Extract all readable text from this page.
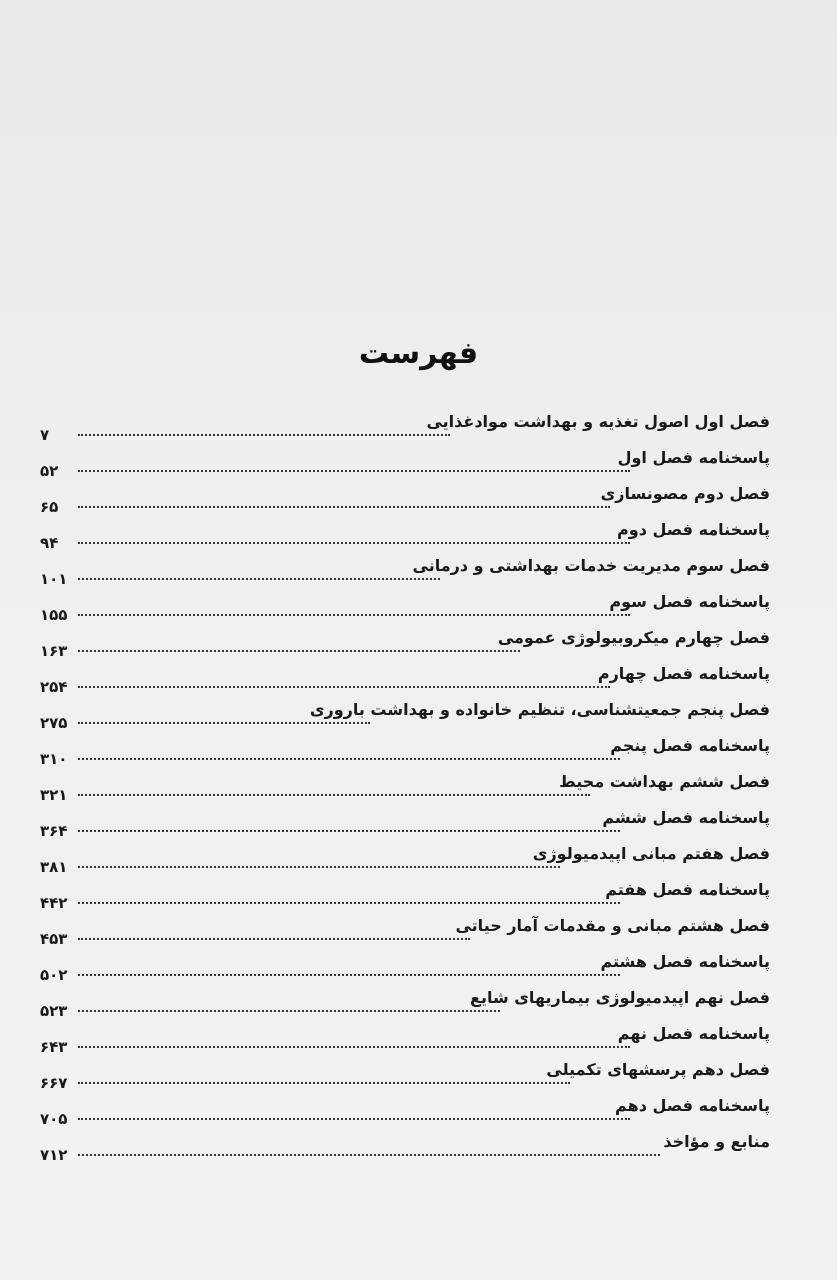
فهرست
فصل اول اصول تغذیه و بهداشت موادغذایی
۷
پاسخنامه فصل اول
۵۲
فصل دوم مصونسازی
۶۵
پاسخنامه فصل دوم
۹۴
فصل سوم مدیریت خدمات بهداشتی و درمانی
۱۰۱
پاسخنامه فصل سوم
۱۵۵
فصل چهارم میکروبیولوژی عمومی
۱۶۳
پاسخنامه فصل چهارم
۲۵۴
فصل پنجم جمعیتشناسی، تنظیم خانواده و بهداشت باروری
۲۷۵
پاسخنامه فصل پنجم
۳۱۰
فصل ششم بهداشت محیط
۳۲۱
پاسخنامه فصل ششم
۳۶۴
فصل هفتم مبانی اپیدمیولوژی
۳۸۱
پاسخنامه فصل هفتم
۴۴۲
فصل هشتم مبانی و مقدمات آمار حیاتی
۴۵۳
پاسخنامه فصل هشتم
۵۰۲
فصل نهم اپیدمیولوژی بیماریهای شایع
۵۲۳
پاسخنامه فصل نهم
۶۴۳
فصل دهم پرسشهای تکمیلی
۶۶۷
پاسخنامه فصل دهم
۷۰۵
منابع و مؤاخذ
۷۱۲
